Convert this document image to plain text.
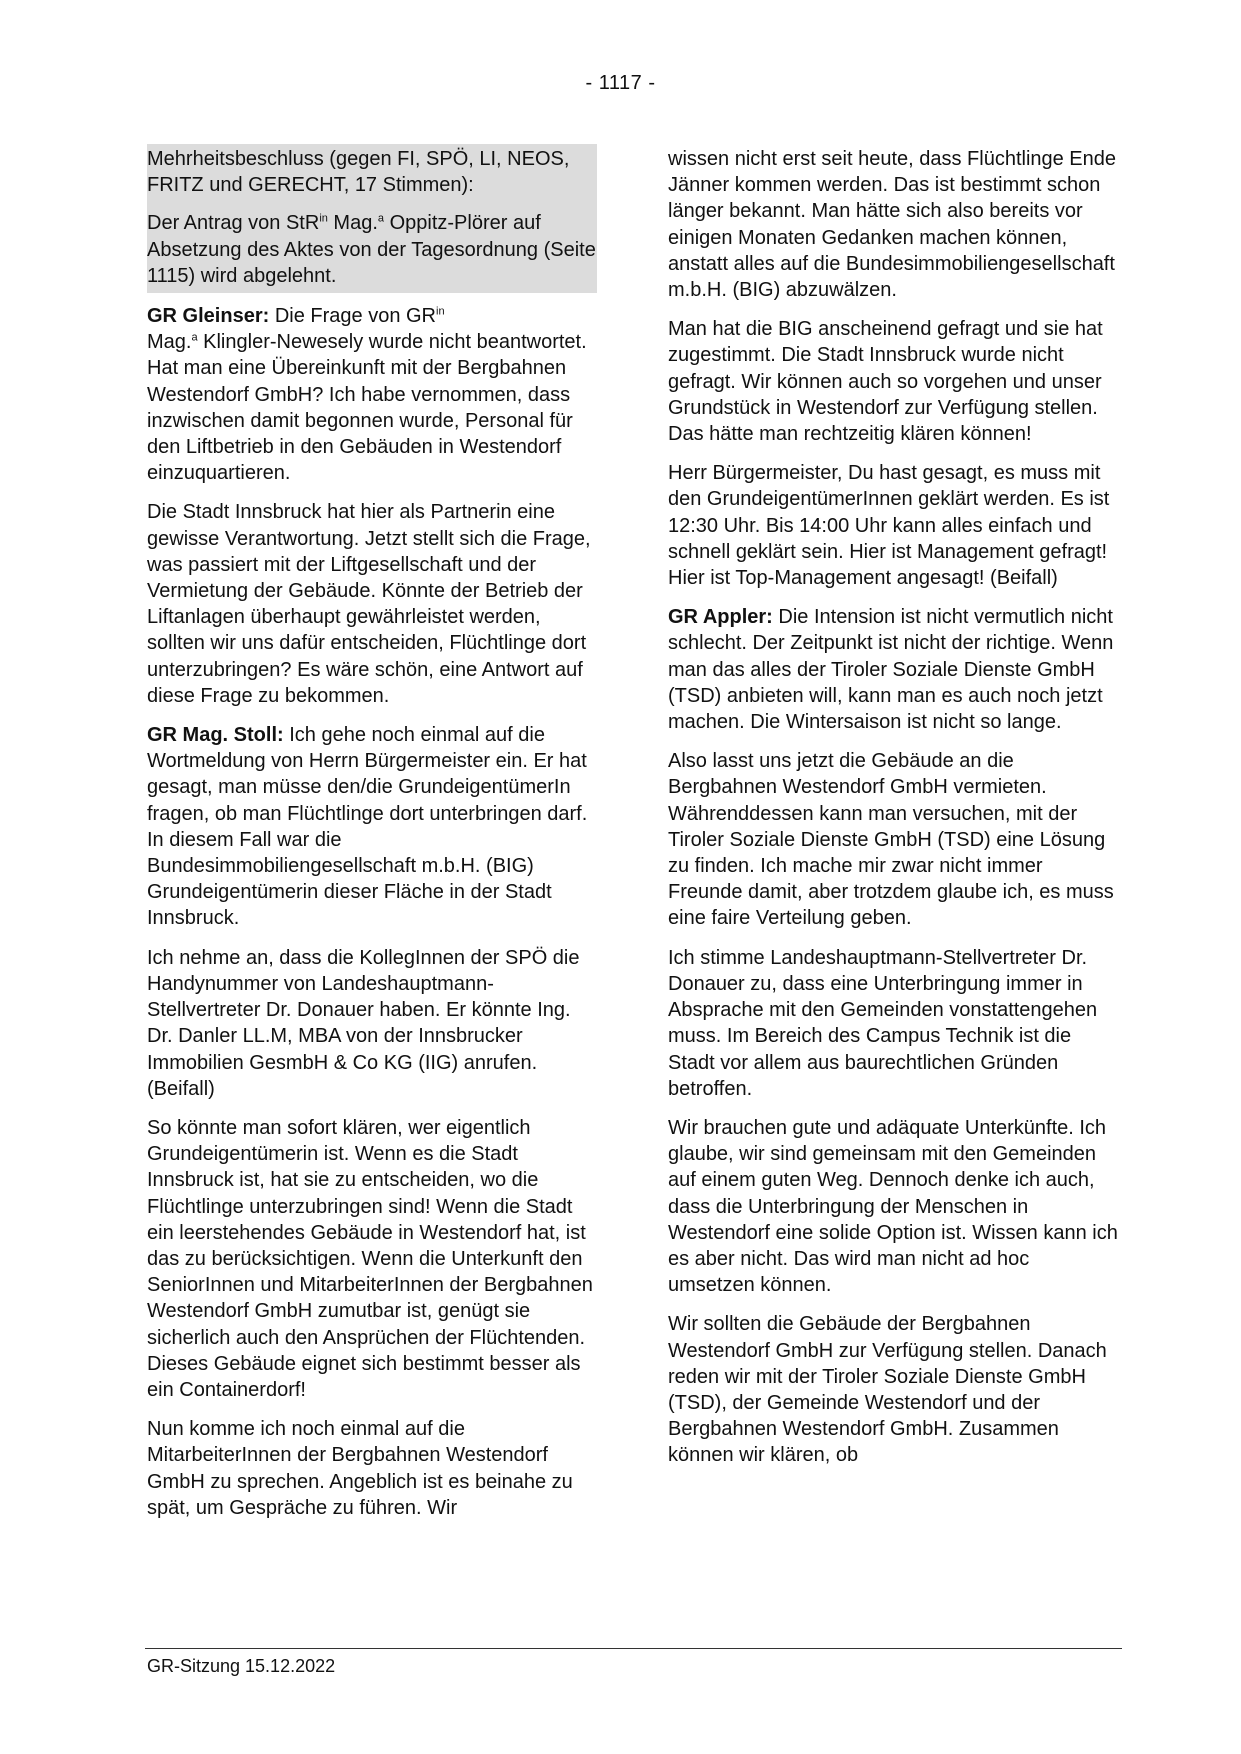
- 1117 -

Mehrheitsbeschluss (gegen FI, SPÖ, LI, NEOS, FRITZ und GERECHT, 17 Stimmen):

Der Antrag von StR$^{in}$ Mag.$^a$ Oppitz-Plörer auf Absetzung des Aktes von der Tagesordnung (Seite 1115) wird abgelehnt.

GR Gleinser: Die Frage von $GR^{in}$
Mag.$^a$ Klingler-Newesely wurde nicht beantwortet. Hat man eine Übereinkunft mit der Bergbahnen Westendorf GmbH? Ich habe vernommen, dass inzwischen damit begonnen wurde, Personal für den Liftbetrieb in den Gebäuden in Westendorf einzuquartieren.

Die Stadt Innsbruck hat hier als Partnerin eine gewisse Verantwortung. Jetzt stellt sich die Frage, was passiert mit der Liftgesellschaft und der Vermietung der Gebäude. Könnte der Betrieb der Liftanlagen überhaupt gewährleistet werden, sollten wir uns dafür entscheiden, Flüchtlinge dort unterzubringen? Es wäre schön, eine Antwort auf diese Frage zu bekommen.

GR Mag. Stoll: Ich gehe noch einmal auf die Wortmeldung von Herrn Bürgermeister ein. Er hat gesagt, man müsse den/die GrundeigentümerIn fragen, ob man Flüchtlinge dort unterbringen darf. In diesem Fall war die Bundesimmobiliengesellschaft m.b.H. (BIG) Grundeigentümerin dieser Fläche in der Stadt Innsbruck.

Ich nehme an, dass die KollegInnen der SPÖ die Handynummer von Landeshauptmann-Stellvertreter Dr. Donauer haben. Er könnte Ing. Dr. Danler LL.M, MBA von der Innsbrucker Immobilien GesmbH & Co KG (IIG) anrufen. (Beifall)

So könnte man sofort klären, wer eigentlich Grundeigentümerin ist. Wenn es die Stadt Innsbruck ist, hat sie zu entscheiden, wo die Flüchtlinge unterzubringen sind! Wenn die Stadt ein leerstehendes Gebäude in Westendorf hat, ist das zu berücksichtigen. Wenn die Unterkunft den SeniorInnen und MitarbeiterInnen der Bergbahnen Westendorf GmbH zumutbar ist, genügt sie sicherlich auch den Ansprüchen der Flüchtenden. Dieses Gebäude eignet sich bestimmt besser als ein Containerdorf!

Nun komme ich noch einmal auf die MitarbeiterInnen der Bergbahnen Westendorf GmbH zu sprechen. Angeblich ist es beinahe zu spät, um Gespräche zu führen. Wir

wissen nicht erst seit heute, dass Flüchtlinge Ende Jänner kommen werden. Das ist bestimmt schon länger bekannt. Man hätte sich also bereits vor einigen Monaten Gedanken machen können, anstatt alles auf die Bundesimmobiliengesellschaft m.b.H. (BIG) abzuwälzen.

Man hat die BIG anscheinend gefragt und sie hat zugestimmt. Die Stadt Innsbruck wurde nicht gefragt. Wir können auch so vorgehen und unser Grundstück in Westendorf zur Verfügung stellen. Das hätte man rechtzeitig klären können!

Herr Bürgermeister, Du hast gesagt, es muss mit den GrundeigentümerInnen geklärt werden. Es ist 12:30 Uhr. Bis 14:00 Uhr kann alles einfach und schnell geklärt sein. Hier ist Management gefragt! Hier ist Top-Management angesagt! (Beifall)

GR Appler: Die Intension ist nicht vermutlich nicht schlecht. Der Zeitpunkt ist nicht der richtige. Wenn man das alles der Tiroler Soziale Dienste GmbH (TSD) anbieten will, kann man es auch noch jetzt machen. Die Wintersaison ist nicht so lange.

Also lasst uns jetzt die Gebäude an die Bergbahnen Westendorf GmbH vermieten. Währenddessen kann man versuchen, mit der Tiroler Soziale Dienste GmbH (TSD) eine Lösung zu finden. Ich mache mir zwar nicht immer Freunde damit, aber trotzdem glaube ich, es muss eine faire Verteilung geben.

Ich stimme Landeshauptmann-Stellvertreter Dr. Donauer zu, dass eine Unterbringung immer in Absprache mit den Gemeinden vonstattengehen muss. Im Bereich des Campus Technik ist die Stadt vor allem aus baurechtlichen Gründen betroffen.

Wir brauchen gute und adäquate Unterkünfte. Ich glaube, wir sind gemeinsam mit den Gemeinden auf einem guten Weg. Dennoch denke ich auch, dass die Unterbringung der Menschen in Westendorf eine solide Option ist. Wissen kann ich es aber nicht. Das wird man nicht ad hoc umsetzen können.

Wir sollten die Gebäude der Bergbahnen Westendorf GmbH zur Verfügung stellen. Danach reden wir mit der Tiroler Soziale Dienste GmbH (TSD), der Gemeinde Westendorf und der Bergbahnen Westendorf GmbH. Zusammen können wir klären, ob

GR-Sitzung 15.12.2022
